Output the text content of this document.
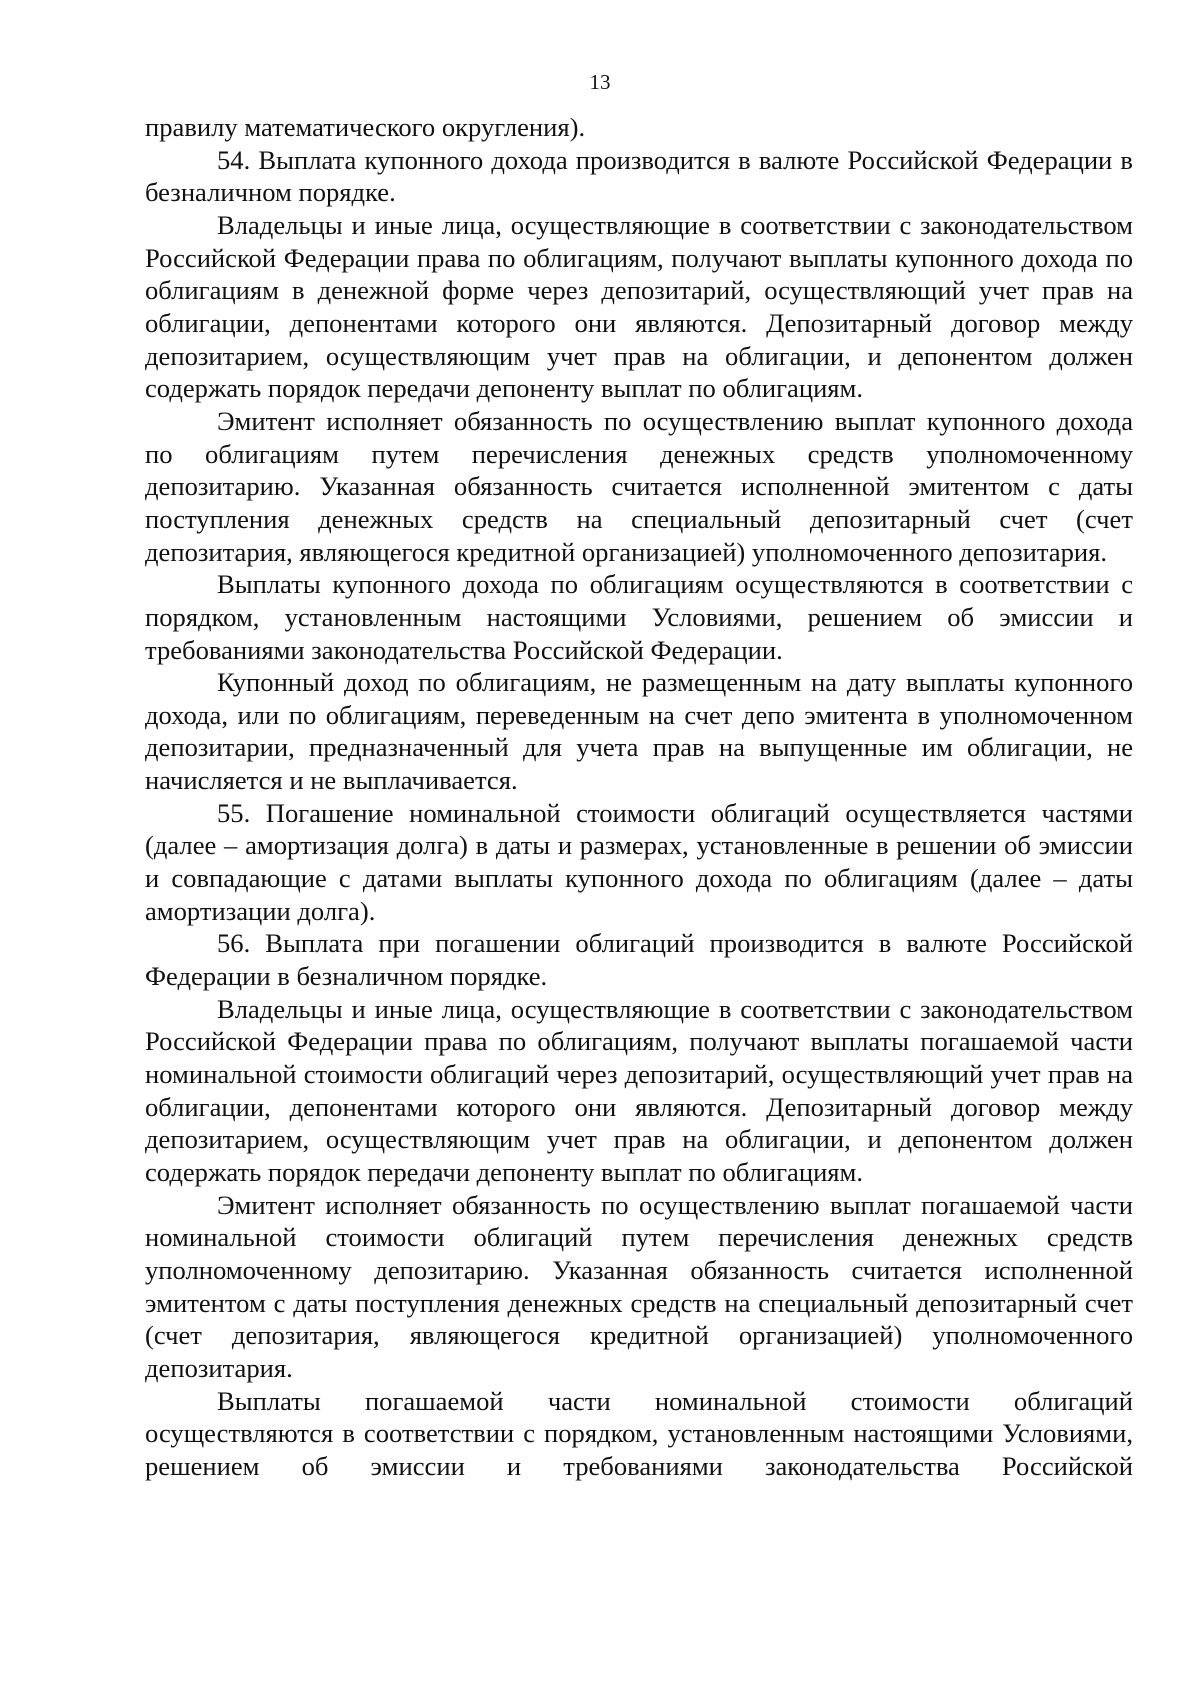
13

правилу математического округления).

54. Выплата купонного дохода производится в валюте Российской Федерации в безналичном порядке.

Владельцы и иные лица, осуществляющие в соответствии с законодательством Российской Федерации права по облигациям, получают выплаты купонного дохода по облигациям в денежной форме через депозитарий, осуществляющий учет прав на облигации, депонентами которого они являются. Депозитарный договор между депозитарием, осуществляющим учет прав на облигации, и депонентом должен содержать порядок передачи депоненту выплат по облигациям.

Эмитент исполняет обязанность по осуществлению выплат купонного дохода по облигациям путем перечисления денежных средств уполномоченному депозитарию. Указанная обязанность считается исполненной эмитентом с даты поступления денежных средств на специальный депозитарный счет (счет депозитария, являющегося кредитной организацией) уполномоченного депозитария.

Выплаты купонного дохода по облигациям осуществляются в соответствии с порядком, установленным настоящими Условиями, решением об эмиссии и требованиями законодательства Российской Федерации.

Купонный доход по облигациям, не размещенным на дату выплаты купонного дохода, или по облигациям, переведенным на счет депо эмитента в уполномоченном депозитарии, предназначенный для учета прав на выпущенные им облигации, не начисляется и не выплачивается.

55. Погашение номинальной стоимости облигаций осуществляется частями (далее – амортизация долга) в даты и размерах, установленные в решении об эмиссии и совпадающие с датами выплаты купонного дохода по облигациям (далее – даты амортизации долга).

56. Выплата при погашении облигаций производится в валюте Российской Федерации в безналичном порядке.

Владельцы и иные лица, осуществляющие в соответствии с законодательством Российской Федерации права по облигациям, получают выплаты погашаемой части номинальной стоимости облигаций через депозитарий, осуществляющий учет прав на облигации, депонентами которого они являются. Депозитарный договор между депозитарием, осуществляющим учет прав на облигации, и депонентом должен содержать порядок передачи депоненту выплат по облигациям.

Эмитент исполняет обязанность по осуществлению выплат погашаемой части номинальной стоимости облигаций путем перечисления денежных средств уполномоченному депозитарию. Указанная обязанность считается исполненной эмитентом с даты поступления денежных средств на специальный депозитарный счет (счет депозитария, являющегося кредитной организацией) уполномоченного депозитария.

Выплаты погашаемой части номинальной стоимости облигаций осуществляются в соответствии с порядком, установленным настоящими Условиями, решением об эмиссии и требованиями законодательства Российской
